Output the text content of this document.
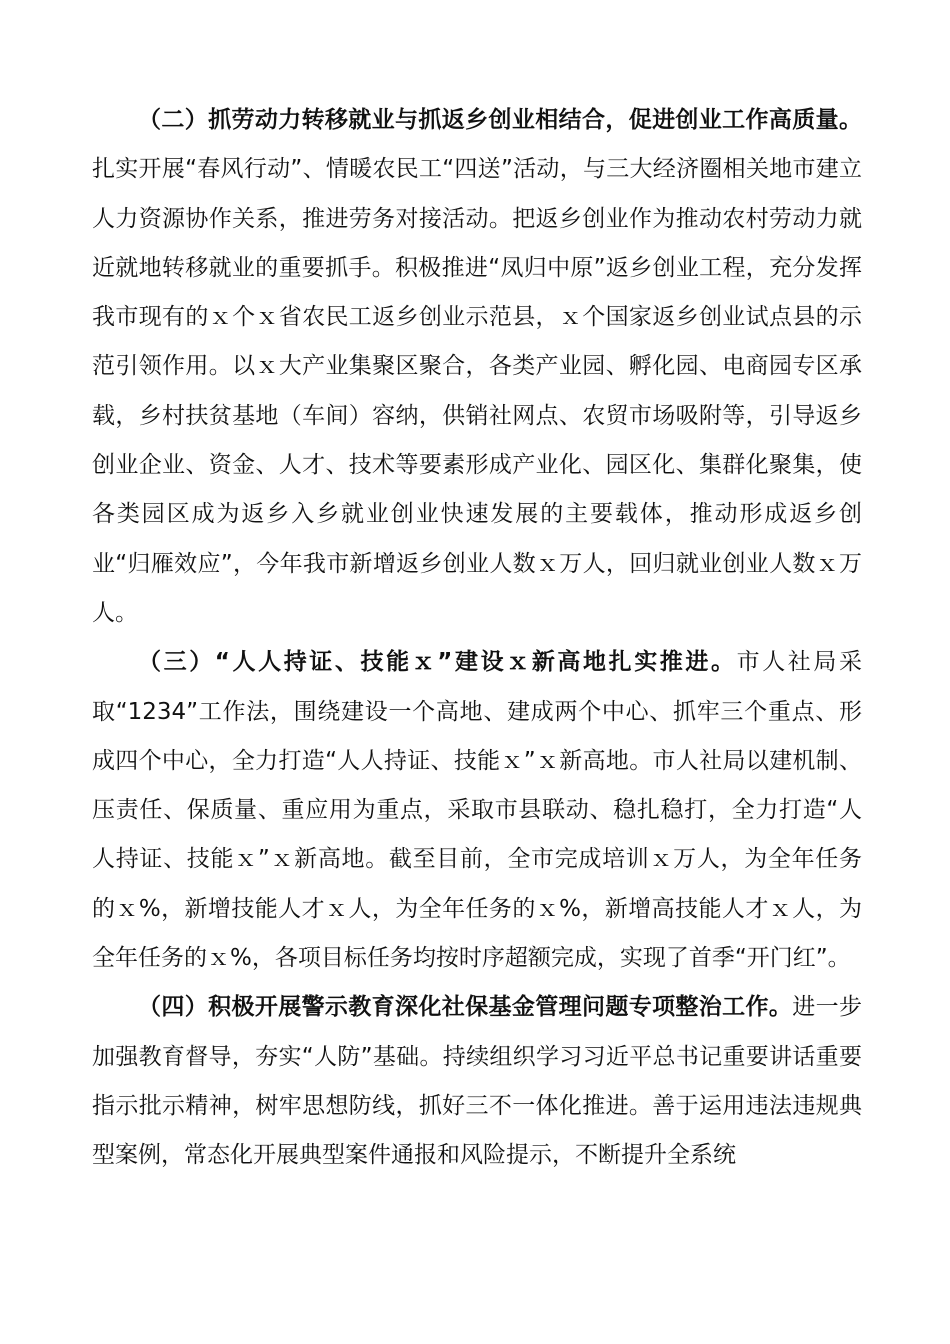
（二）抓劳动力转移就业与抓返乡创业相结合，促进创业工作高质量。扎实开展“春风行动”、情暖农民工“四送”活动，与三大经济圈相关地市建立人力资源协作关系，推进劳务对接活动。把返乡创业作为推动农村劳动力就近就地转移就业的重要抓手。积极推进“凤归中原”返乡创业工程，充分发挥我市现有的ｘ个ｘ省农民工返乡创业示范县，ｘ个国家返乡创业试点县的示范引领作用。以ｘ大产业集聚区聚合，各类产业园、孵化园、电商园专区承载，乡村扶贫基地（车间）容纳，供销社网点、农贸市场吸附等，引导返乡创业企业、资金、人才、技术等要素形成产业化、园区化、集群化聚集，使各类园区成为返乡入乡就业创业快速发展的主要载体，推动形成返乡创业“归雁效应”，今年我市新增返乡创业人数ｘ万人，回归就业创业人数ｘ万人。

（三）“人人持证、技能ｘ”建设ｘ新高地扎实推进。市人社局采取“1234”工作法，围绕建设一个高地、建成两个中心、抓牢三个重点、形成四个中心，全力打造“人人持证、技能ｘ”ｘ新高地。市人社局以建机制、压责任、保质量、重应用为重点，采取市县联动、稳扎稳打，全力打造“人人持证、技能ｘ”ｘ新高地。截至目前，全市完成培训ｘ万人，为全年任务的ｘ%，新增技能人才ｘ人，为全年任务的ｘ%，新增高技能人才ｘ人，为全年任务的ｘ%，各项目标任务均按时序超额完成，实现了首季“开门红”。

（四）积极开展警示教育深化社保基金管理问题专项整治工作。进一步加强教育督导，夯实“人防”基础。持续组织学习习近平总书记重要讲话重要指示批示精神，树牢思想防线，抓好三不一体化推进。善于运用违法违规典型案例，常态化开展典型案件通报和风险提示，不断提升全系统
